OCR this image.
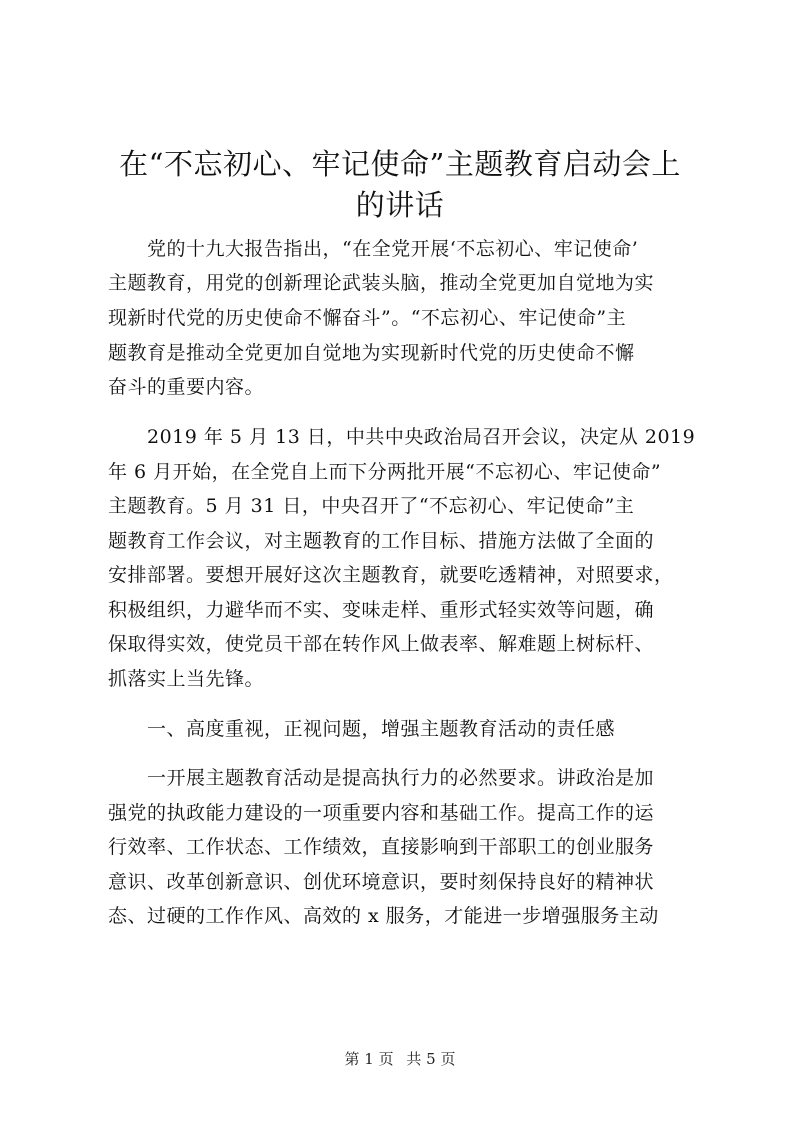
在“不忘初心、牢记使命”主题教育启动会上
的讲话

党的十九大报告指出，“在全党开展‘不忘初心、牢记使命’

主题教育，用党的创新理论武装头脑，推动全党更加自觉地为实

现新时代党的历史使命不懈奋斗”。“不忘初心、牢记使命”主

题教育是推动全党更加自觉地为实现新时代党的历史使命不懈

奋斗的重要内容。

2019 年 5 月 13 日，中共中央政治局召开会议，决定从 2019

年 6 月开始，在全党自上而下分两批开展“不忘初心、牢记使命”

主题教育。5 月 31 日，中央召开了“不忘初心、牢记使命”主

题教育工作会议，对主题教育的工作目标、措施方法做了全面的

安排部署。要想开展好这次主题教育，就要吃透精神，对照要求，

积极组织，力避华而不实、变味走样、重形式轻实效等问题，确

保取得实效，使党员干部在转作风上做表率、解难题上树标杆、

抓落实上当先锋。

一、高度重视，正视问题，增强主题教育活动的责任感

一开展主题教育活动是提高执行力的必然要求。讲政治是加

强党的执政能力建设的一项重要内容和基础工作。提高工作的运

行效率、工作状态、工作绩效，直接影响到干部职工的创业服务

意识、改革创新意识、创优环境意识，要时刻保持良好的精神状

态、过硬的工作作风、高效的 x 服务，才能进一步增强服务主动

第 1 页 共 5 页
